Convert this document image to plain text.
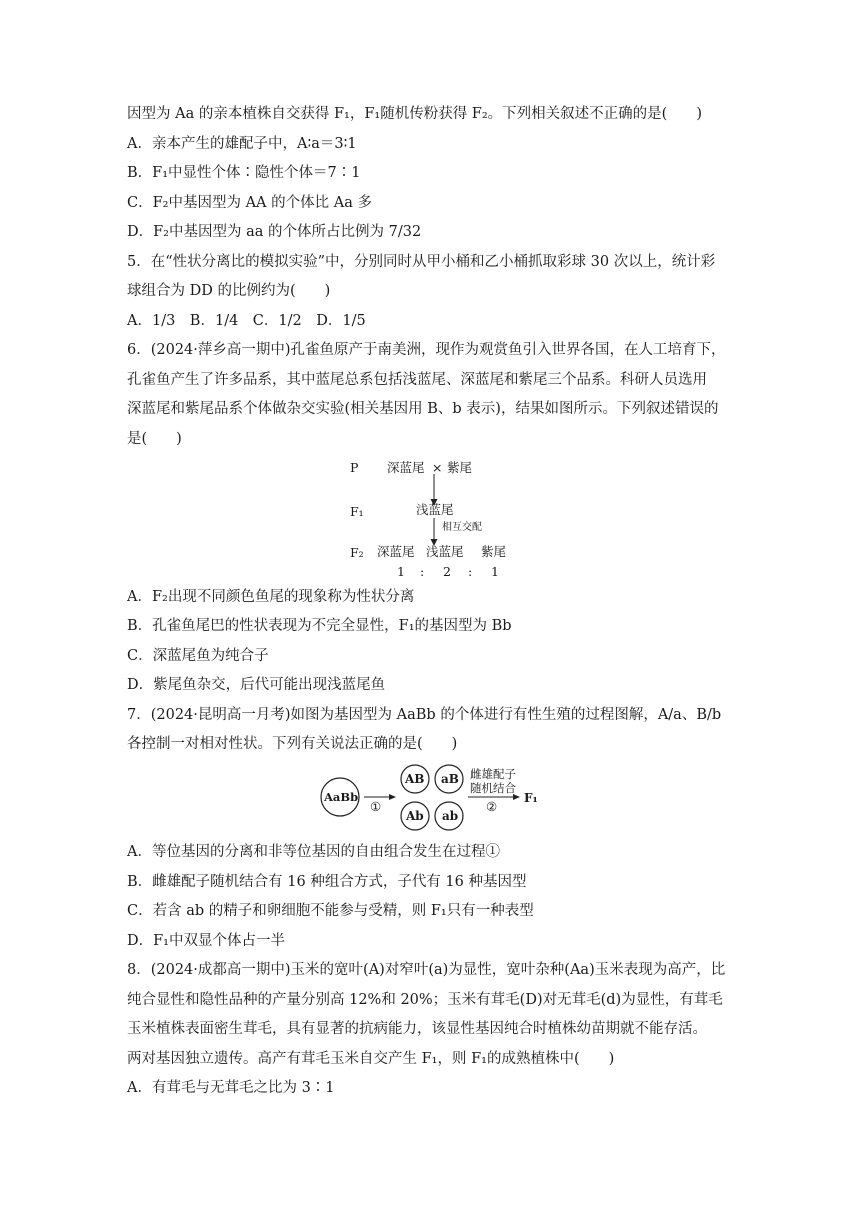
因型为 Aa 的亲本植株自交获得 F₁，F₁随机传粉获得 F₂。下列相关叙述不正确的是(　　)
A．亲本产生的雄配子中，A∶a＝3∶1
B．F₁中显性个体∶隐性个体＝7∶1
C．F₂中基因型为 AA 的个体比 Aa 多
D．F₂中基因型为 aa 的个体所占比例为 7/32
5．在“性状分离比的模拟实验”中，分别同时从甲小桶和乙小桶抓取彩球 30 次以上，统计彩
球组合为 DD 的比例约为(　　)
A．1/3　B．1/4　C．1/2　D．1/5
6．(2024·萍乡高一期中)孔雀鱼原产于南美洲，现作为观赏鱼引入世界各国，在人工培育下，
孔雀鱼产生了许多品系，其中蓝尾总系包括浅蓝尾、深蓝尾和紫尾三个品系。科研人员选用
深蓝尾和紫尾品系个体做杂交实验(相关基因用 B、b 表示)，结果如图所示。下列叙述错误的
是(　　)
P 深蓝尾 × 紫尾
F₁	浅蓝尾
相互交配
F₂ 深蓝尾 浅蓝尾 紫尾
1 : 2 : 1
A．F₂出现不同颜色鱼尾的现象称为性状分离
B．孔雀鱼尾巴的性状表现为不完全显性，F₁的基因型为 Bb
C．深蓝尾鱼为纯合子
D．紫尾鱼杂交，后代可能出现浅蓝尾鱼
7．(2024·昆明高一月考)如图为基因型为 AaBb 的个体进行有性生殖的过程图解，A/a、B/b
各控制一对相对性状。下列有关说法正确的是(　　)
AaBb
①
AB aB
Ab ab
雌雄配子
随机结合
②
F₁
A．等位基因的分离和非等位基因的自由组合发生在过程①
B．雌雄配子随机结合有 16 种组合方式，子代有 16 种基因型
C．若含 ab 的精子和卵细胞不能参与受精，则 F₁只有一种表型
D．F₁中双显个体占一半
8．(2024·成都高一期中)玉米的宽叶(A)对窄叶(a)为显性，宽叶杂种(Aa)玉米表现为高产，比
纯合显性和隐性品种的产量分别高 12%和 20%；玉米有茸毛(D)对无茸毛(d)为显性，有茸毛
玉米植株表面密生茸毛，具有显著的抗病能力，该显性基因纯合时植株幼苗期就不能存活。
两对基因独立遗传。高产有茸毛玉米自交产生 F₁，则 F₁的成熟植株中(　　)
A．有茸毛与无茸毛之比为 3∶1
